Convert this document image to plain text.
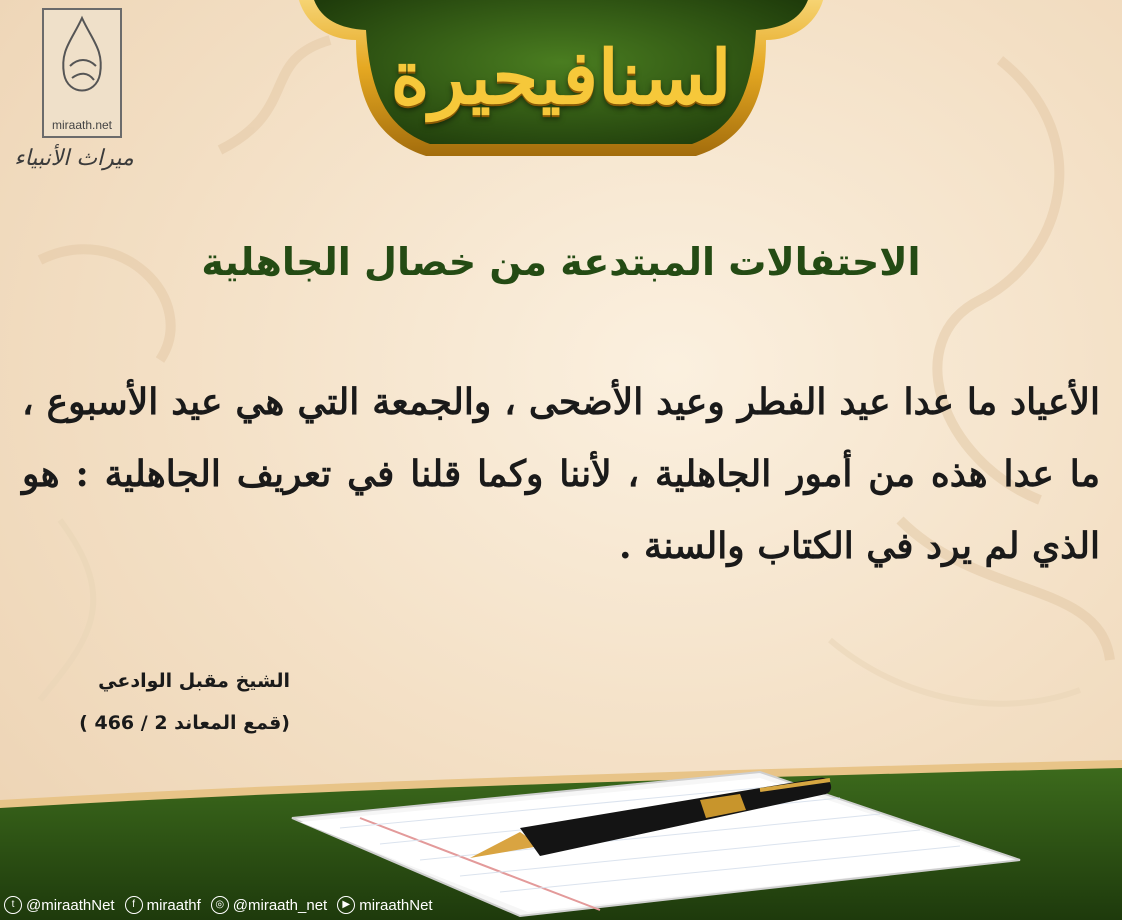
لسنافيحيرة
miraath.net
ميراث الأنبياء
الاحتفالات المبتدعة من خصال الجاهلية
الأعياد ما عدا عيد الفطر وعيد الأضحى ، والجمعة التي هي عيد الأسبوع ، ما عدا هذه من أمور الجاهلية ، لأننا وكما قلنا في تعريف الجاهلية : هو الذي لم يرد في الكتاب والسنة .
الشيخ مقبل الوادعي
(قمع المعاند 2 / 466 )
t @miraathNet	f miraathf	◎ @miraath_net	▶ miraathNet
